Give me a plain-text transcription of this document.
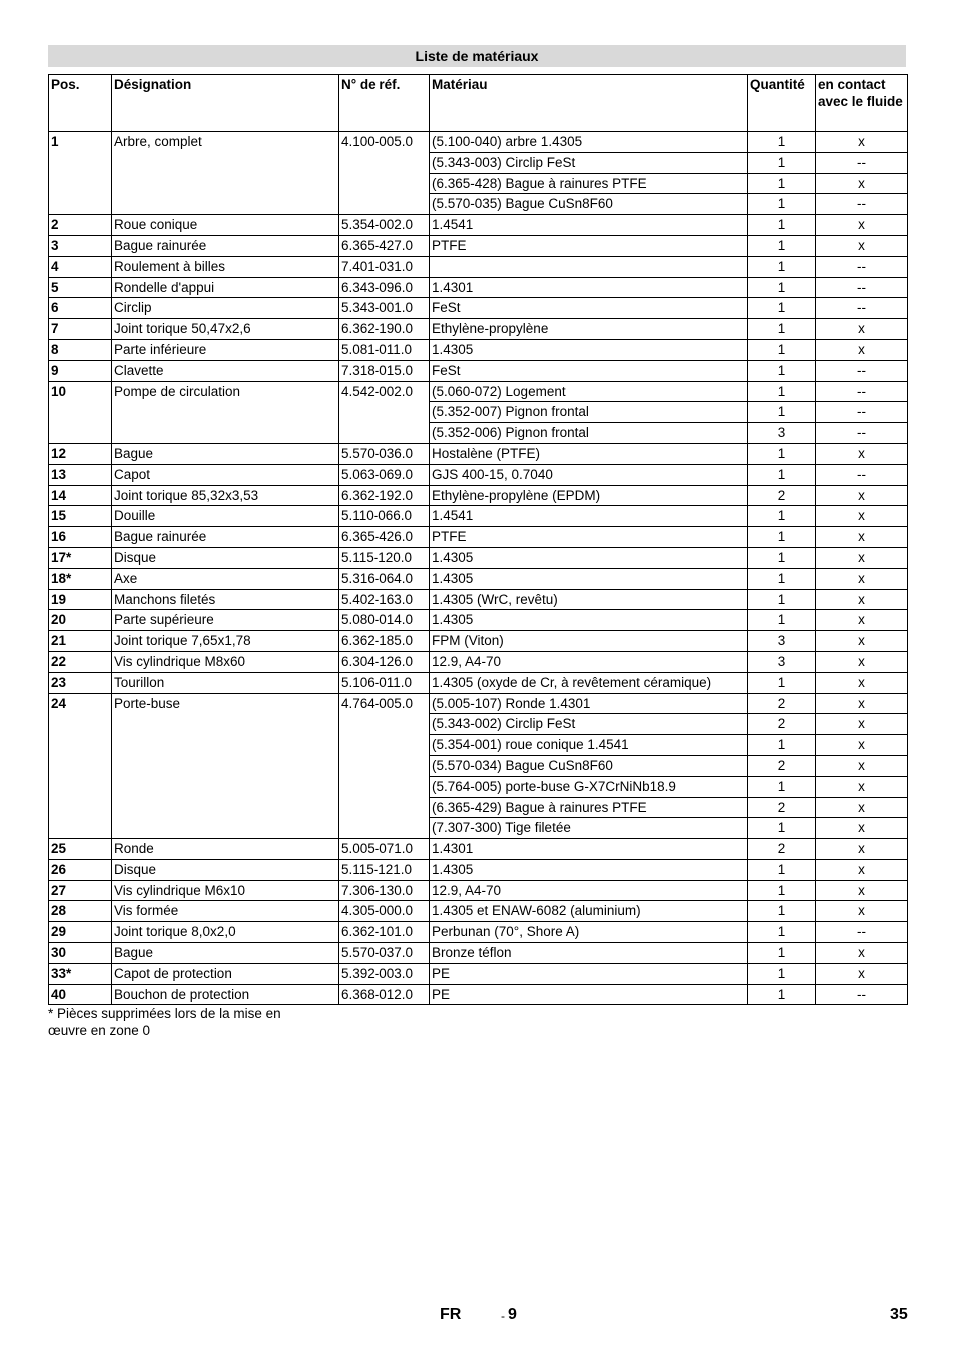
Liste de matériaux
Pos.	Désignation	N° de réf.	Matériau	Quantité	en contact avec le fluide
1	Arbre, complet	4.100-005.0	(5.100-040) arbre 1.4305	1	x
			(5.343-003) Circlip FeSt	1	--
			(6.365-428) Bague à rainures PTFE	1	x
			(5.570-035) Bague CuSn8F60	1	--
2	Roue conique	5.354-002.0	1.4541	1	x
3	Bague rainurée	6.365-427.0	PTFE	1	x
4	Roulement à billes	7.401-031.0		1	--
5	Rondelle d'appui	6.343-096.0	1.4301	1	--
6	Circlip	5.343-001.0	FeSt	1	--
7	Joint torique 50,47x2,6	6.362-190.0	Ethylène-propylène	1	x
8	Parte inférieure	5.081-011.0	1.4305	1	x
9	Clavette	7.318-015.0	FeSt	1	--
10	Pompe de circulation	4.542-002.0	(5.060-072) Logement	1	--
			(5.352-007) Pignon frontal	1	--
			(5.352-006) Pignon frontal	3	--
12	Bague	5.570-036.0	Hostalène (PTFE)	1	x
13	Capot	5.063-069.0	GJS 400-15, 0.7040	1	--
14	Joint torique 85,32x3,53	6.362-192.0	Ethylène-propylène (EPDM)	2	x
15	Douille	5.110-066.0	1.4541	1	x
16	Bague rainurée	6.365-426.0	PTFE	1	x
17*	Disque	5.115-120.0	1.4305	1	x
18*	Axe	5.316-064.0	1.4305	1	x
19	Manchons filetés	5.402-163.0	1.4305 (WrC, revêtu)	1	x
20	Parte supérieure	5.080-014.0	1.4305	1	x
21	Joint torique 7,65x1,78	6.362-185.0	FPM (Viton)	3	x
22	Vis cylindrique M8x60	6.304-126.0	12.9, A4-70	3	x
23	Tourillon	5.106-011.0	1.4305 (oxyde de Cr, à revêtement céramique)	1	x
24	Porte-buse	4.764-005.0	(5.005-107) Ronde 1.4301	2	x
			(5.343-002) Circlip FeSt	2	x
			(5.354-001) roue conique 1.4541	1	x
			(5.570-034) Bague CuSn8F60	2	x
			(5.764-005) porte-buse G-X7CrNiNb18.9	1	x
			(6.365-429) Bague à rainures PTFE	2	x
			(7.307-300) Tige filetée	1	x
25	Ronde	5.005-071.0	1.4301	2	x
26	Disque	5.115-121.0	1.4305	1	x
27	Vis cylindrique M6x10	7.306-130.0	12.9, A4-70	1	x
28	Vis formée	4.305-000.0	1.4305 et ENAW-6082 (aluminium)	1	x
29	Joint torique 8,0x2,0	6.362-101.0	Perbunan (70°, Shore A)	1	--
30	Bague	5.570-037.0	Bronze téflon	1	x
33*	Capot de protection	5.392-003.0	PE	1	x
40	Bouchon de protection	6.368-012.0	PE	1	--
* Pièces supprimées lors de la mise en
œuvre en zone 0
FR	- 9	35
